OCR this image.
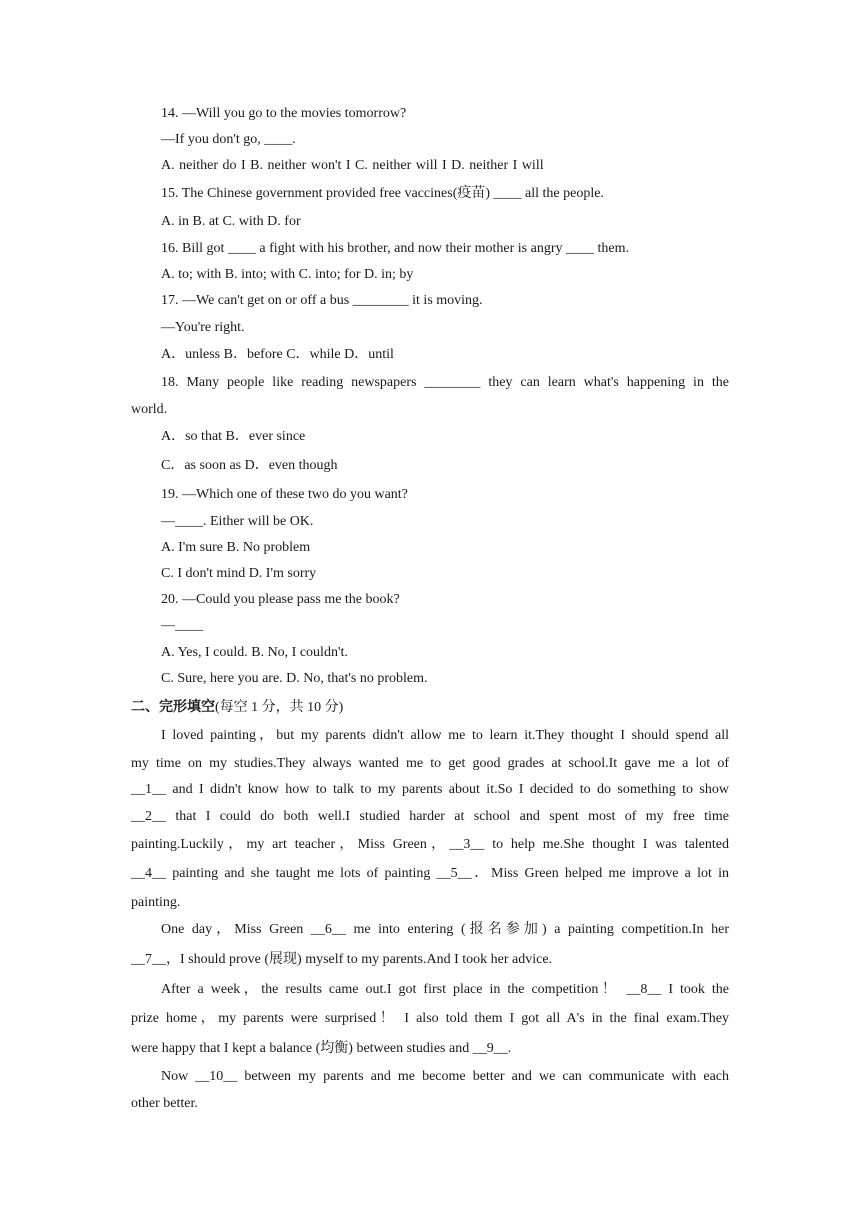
14. —Will you go to the movies tomorrow?
—If you don't go, ____.
A. neither do I B. neither won't I C. neither will I D. neither I will
15. The Chinese government provided free vaccines(疫苗) ____ all the people.
A. in B. at C. with D. for
16. Bill got ____ a fight with his brother, and now their mother is angry ____ them.
A. to; with B. into; with C. into; for D. in; by
17. —We can't get on or off a bus ________ it is moving.
—You're right.
A．unless B．before C．while D．until
18. Many people like reading newspapers ________ they can learn what's happening in the
world.
A．so that B．ever since
C．as soon as D．even though
19. —Which one of these two do you want?
—____. Either will be OK.
A. I'm sure B. No problem
C. I don't mind D. I'm sorry
20. —Could you please pass me the book?
—____
A. Yes, I could. B. No, I couldn't.
C. Sure, here you are. D. No, that's no problem.
二、完形填空(每空 1 分，共 10 分)
I loved painting，but my parents didn't allow me to learn it.They thought I should spend all
my time on my studies.They always wanted me to get good grades at school.It gave me a lot of
__1__ and I didn't know how to talk to my parents about it.So I decided to do something to show
__2__ that I could do both well.I studied harder at school and spent most of my free time
painting.Luckily，my art teacher，Miss Green，__3__ to help me.She thought I was talented
__4__ painting and she taught me lots of painting __5__．Miss Green helped me improve a lot in
painting.
One day，Miss Green __6__ me into entering (报名参加) a painting competition.In her
__7__，I should prove (展现) myself to my parents.And I took her advice.
After a week，the results came out.I got first place in the competition！ __8__ I took the
prize home，my parents were surprised！ I also told them I got all A's in the final exam.They
were happy that I kept a balance (均衡) between studies and __9__.
Now __10__ between my parents and me become better and we can communicate with each
other better.
